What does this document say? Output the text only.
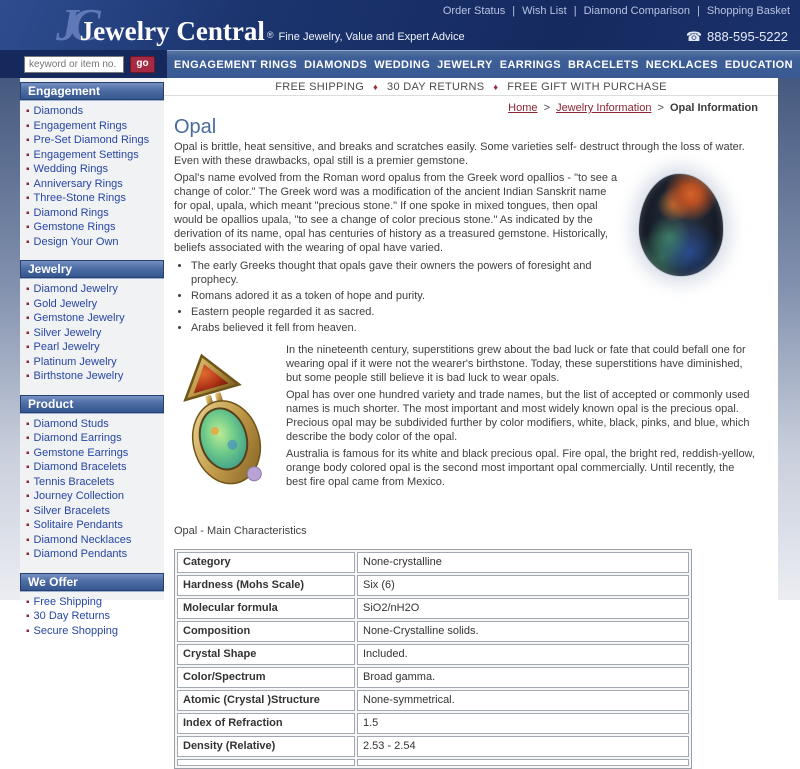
Order Status | Wish List | Diamond Comparison | Shopping Basket
JC
Jewelry Central ® Fine Jewelry, Value and Expert Advice	☎ 888-595-5222
keyword or item no.
go	ENGAGEMENT RINGS DIAMONDS WEDDING JEWELRY EARRINGS BRACELETS NECKLACES EDUCATION
Engagement
▪ Diamonds
▪ Engagement Rings
▪ Pre-Set Diamond Rings
▪ Engagement Settings
▪ Wedding Rings
▪ Anniversary Rings
▪ Three-Stone Rings
▪ Diamond Rings
▪ Gemstone Rings
▪ Design Your Own
Jewelry
▪ Diamond Jewelry
▪ Gold Jewelry
▪ Gemstone Jewelry
▪ Silver Jewelry
▪ Pearl Jewelry
▪ Platinum Jewelry
▪ Birthstone Jewelry
Product
▪ Diamond Studs
▪ Diamond Earrings
▪ Gemstone Earrings
▪ Diamond Bracelets
▪ Tennis Bracelets
▪ Journey Collection
▪ Silver Bracelets
▪ Solitaire Pendants
▪ Diamond Necklaces
▪ Diamond Pendants
We Offer
▪ Free Shipping
▪ 30 Day Returns
▪ Secure Shopping
FREE SHIPPING ♦ 30 DAY RETURNS ♦ FREE GIFT WITH PURCHASE
Home > Jewelry Information > Opal Information
Opal

Opal is brittle, heat sensitive, and breaks and scratches easily. Some varieties self- destruct through the loss of water. Even with these drawbacks, opal still is a premier gemstone.

Opal's name evolved from the Roman word opalus from the Greek word opallios - "to see a change of color." The Greek word was a modification of the ancient Indian Sanskrit name for opal, upala, which meant "precious stone." If one spoke in mixed tongues, then opal would be opallios upala, "to see a change of color precious stone." As indicated by the derivation of its name, opal has centuries of history as a treasured gemstone. Historically, beliefs associated with the wearing of opal have varied.

• The early Greeks thought that opals gave their owners the powers of foresight and prophecy.
• Romans adored it as a token of hope and purity.
• Eastern people regarded it as sacred.
• Arabs believed it fell from heaven.

In the nineteenth century, superstitions grew about the bad luck or fate that could befall one for wearing opal if it were not the wearer's birthstone. Today, these superstitions have diminished, but some people still believe it is bad luck to wear opals.

Opal has over one hundred variety and trade names, but the list of accepted or commonly used names is much shorter. The most important and most widely known opal is the precious opal. Precious opal may be subdivided further by color modifiers, white, black, pinks, and blue, which describe the body color of the opal.

Australia is famous for its white and black precious opal. Fire opal, the bright red, reddish-yellow, orange body colored opal is the second most important opal commercially. Until recently, the best fire opal came from Mexico.

Opal - Main Characteristics
Category	None-crystalline
Hardness (Mohs Scale)	Six (6)
Molecular formula	SiO2/nH2O
Composition	None-Crystalline solids.
Crystal Shape	Included.
Color/Spectrum	Broad gamma.
Atomic (Crystal )Structure	None-symmetrical.
Index of Refraction	1.5
Density (Relative)	2.53 - 2.54
